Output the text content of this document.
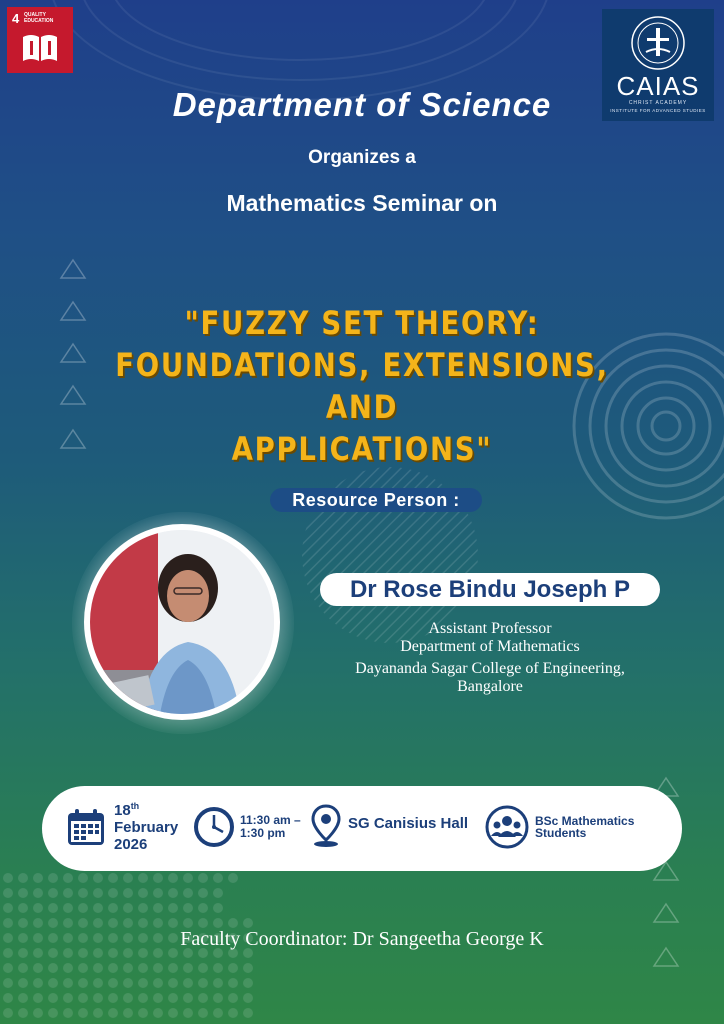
4 QUALITY EDUCATION
CAIAS
CHRIST ACADEMY
INSTITUTE FOR ADVANCED STUDIES
Department of Science
Organizes a
Mathematics Seminar on
"FUZZY SET THEORY:
FOUNDATIONS, EXTENSIONS, AND
APPLICATIONS"
Resource Person :
Dr Rose Bindu Joseph P
Assistant Professor
Department of Mathematics
Dayananda Sagar College of Engineering,
Bangalore
18th
February
2026
11:30 am –
1:30 pm
SG Canisius Hall	BSc Mathematics
Students
Faculty Coordinator: Dr Sangeetha George K
